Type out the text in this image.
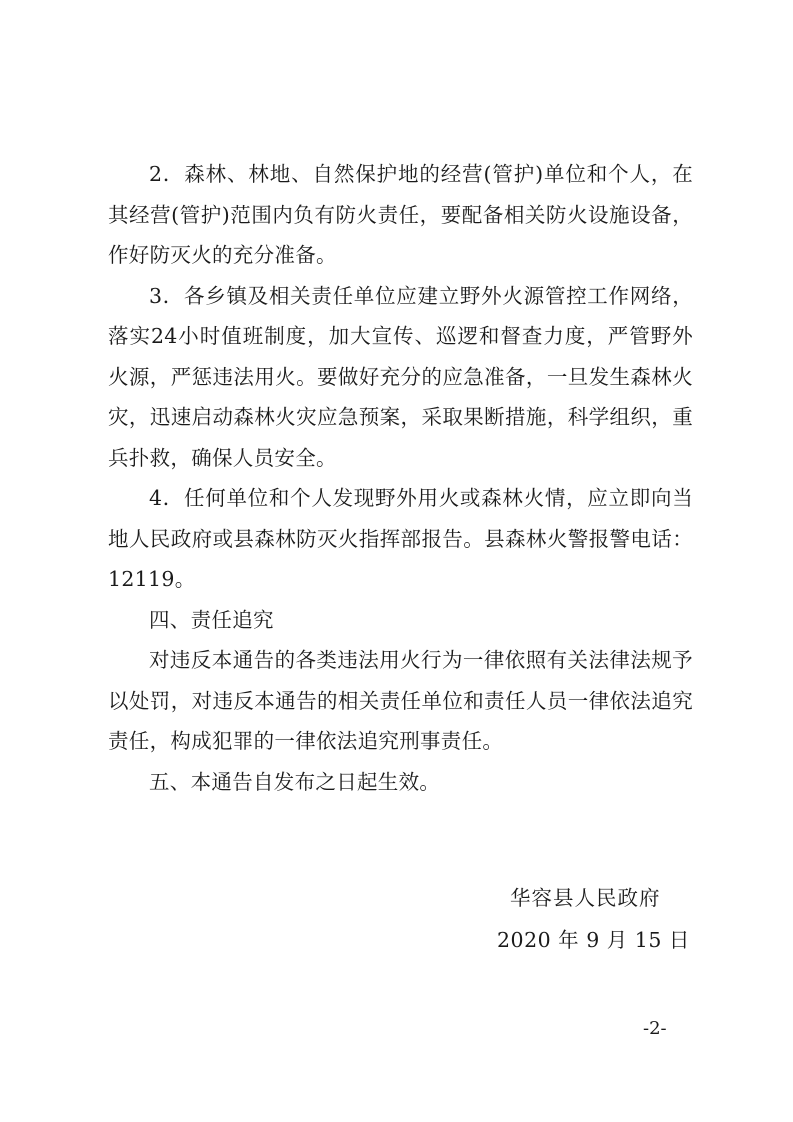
2．森林、林地、自然保护地的经营(管护)单位和个人，在其经营(管护)范围内负有防火责任，要配备相关防火设施设备，作好防灭火的充分准备。

3．各乡镇及相关责任单位应建立野外火源管控工作网络，落实24小时值班制度，加大宣传、巡逻和督查力度，严管野外火源，严惩违法用火。要做好充分的应急准备，一旦发生森林火灾，迅速启动森林火灾应急预案，采取果断措施，科学组织，重兵扑救，确保人员安全。

4．任何单位和个人发现野外用火或森林火情，应立即向当地人民政府或县森林防灭火指挥部报告。县森林火警报警电话：12119。

四、责任追究

对违反本通告的各类违法用火行为一律依照有关法律法规予以处罚，对违反本通告的相关责任单位和责任人员一律依法追究责任，构成犯罪的一律依法追究刑事责任。

五、本通告自发布之日起生效。

华容县人民政府
2020 年 9 月 15 日
-2-
